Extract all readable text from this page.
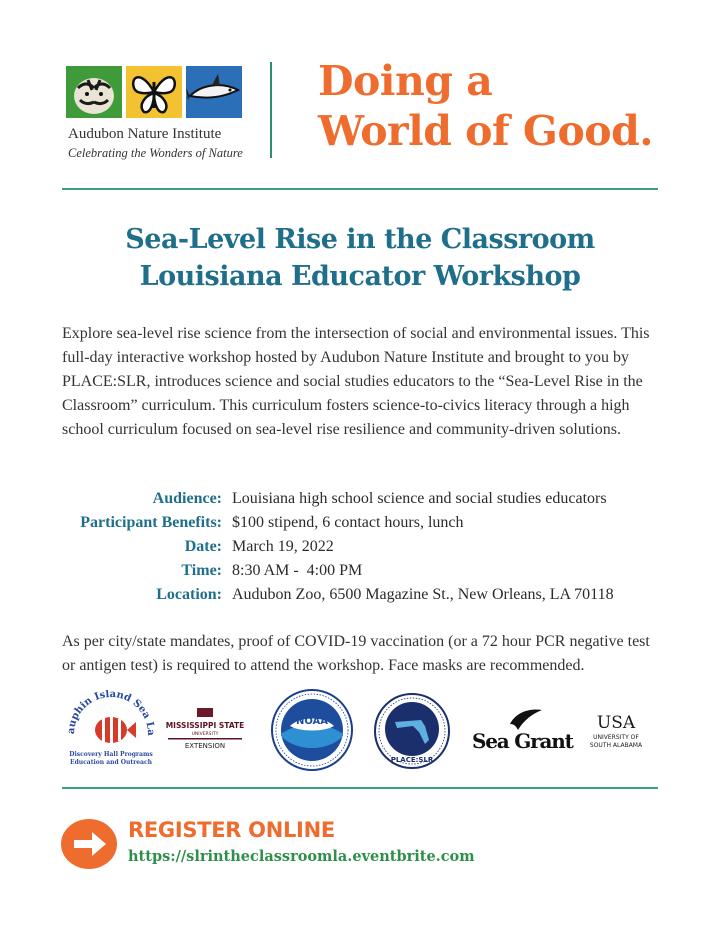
Audubon Nature Institute
Celebrating the Wonders of Nature
Doing a
World of Good.
Sea-Level Rise in the Classroom
Louisiana Educator Workshop
Explore sea-level rise science from the intersection of social and environmental issues. This full-day interactive workshop hosted by Audubon Nature Institute and brought to you by PLACE:SLR, introduces science and social studies educators to the “Sea-Level Rise in the Classroom” curriculum. This curriculum fosters science-to-civics literacy through a high school curriculum focused on sea-level rise resilience and community-driven solutions.
Audience: Louisiana high school science and social studies educators
Participant Benefits: $100 stipend, 6 contact hours, lunch
Date: March 19, 2022
Time: 8:30 AM -  4:00 PM
Location: Audubon Zoo, 6500 Magazine St., New Orleans, LA 70118
As per city/state mandates, proof of COVID-19 vaccination (or a 72 hour PCR negative test or antigen test) is required to attend the workshop. Face masks are recommended.
auphin Island Sea La
Discovery Hall Programs
Education and Outreach
MISSISSIPPI STATE
UNIVERSITY
EXTENSION
NOAA
PLACE:SLR
Sea Grant
USA
UNIVERSITY OF
SOUTH ALABAMA
REGISTER ONLINE
https://slrintheclassroomla.eventbrite.com
